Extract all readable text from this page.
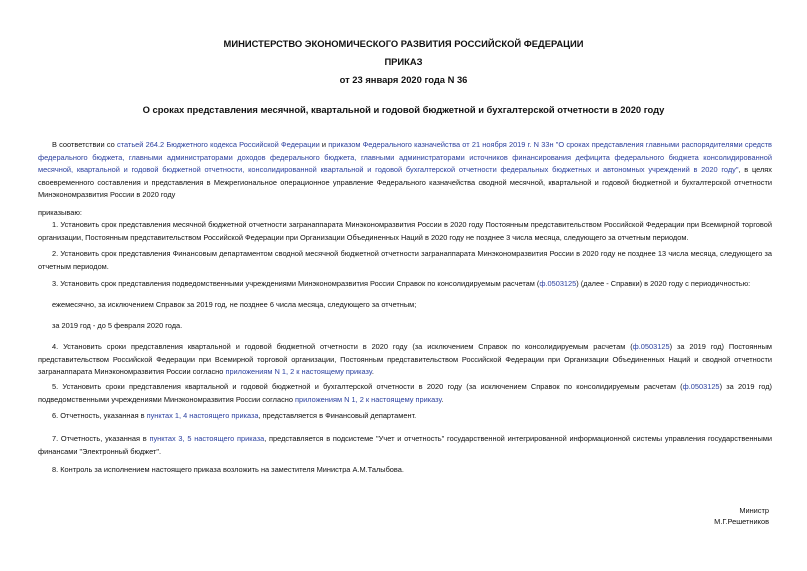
МИНИСТЕРСТВО ЭКОНОМИЧЕСКОГО РАЗВИТИЯ РОССИЙСКОЙ ФЕДЕРАЦИИ
ПРИКАЗ
от 23 января 2020 года N 36
О сроках представления месячной, квартальной и годовой бюджетной и бухгалтерской отчетности в 2020 году

В соответствии со статьей 264.2 Бюджетного кодекса Российской Федерации и приказом Федерального казначейства от 21 ноября 2019 г. N 33н "О сроках представления главными распорядителями средств федерального бюджета, главными администраторами доходов федерального бюджета, главными администраторами источников финансирования дефицита федерального бюджета консолидированной месячной, квартальной и годовой бюджетной отчетности, консолидированной квартальной и годовой бухгалтерской отчетности федеральных бюджетных и автономных учреждений в 2020 году", в целях своевременного составления и представления в Межрегиональное операционное управление Федерального казначейства сводной месячной, квартальной и годовой бюджетной и бухгалтерской отчетности Минэкономразвития России в 2020 году

приказываю:

1. Установить срок представления месячной бюджетной отчетности загранаппарата Минэкономразвития России в 2020 году Постоянным представительством Российской Федерации при Всемирной торговой организации, Постоянным представительством Российской Федерации при Организации Объединенных Наций в 2020 году не позднее 3 числа месяца, следующего за отчетным периодом.

2. Установить срок представления Финансовым департаментом сводной месячной бюджетной отчетности загранаппарата Минэкономразвития России в 2020 году не позднее 13 числа месяца, следующего за отчетным периодом.

3. Установить срок представления подведомственными учреждениями Минэкономразвития России Справок по консолидируемым расчетам (ф.0503125) (далее - Справки) в 2020 году с периодичностью:

ежемесячно, за исключением Справок за 2019 год, не позднее 6 числа месяца, следующего за отчетным;

за 2019 год - до 5 февраля 2020 года.

4. Установить сроки представления квартальной и годовой бюджетной отчетности в 2020 году (за исключением Справок по консолидируемым расчетам (ф.0503125) за 2019 год) Постоянным представительством Российской Федерации при Всемирной торговой организации, Постоянным представительством Российской Федерации при Организации Объединенных Наций и сводной отчетности загранаппарата Минэкономразвития России согласно приложениям N 1, 2 к настоящему приказу.

5. Установить сроки представления квартальной и годовой бюджетной и бухгалтерской отчетности в 2020 году (за исключением Справок по консолидируемым расчетам (ф.0503125) за 2019 год) подведомственными учреждениями Минэкономразвития России согласно приложениям N 1, 2 к настоящему приказу.

6. Отчетность, указанная в пунктах 1, 4 настоящего приказа, представляется в Финансовый департамент.

7. Отчетность, указанная в пунктах 3, 5 настоящего приказа, представляется в подсистеме "Учет и отчетность" государственной интегрированной информационной системы управления государственными финансами "Электронный бюджет".

8. Контроль за исполнением настоящего приказа возложить на заместителя Министра А.М.Талыбова.

Министр
М.Г.Решетников
